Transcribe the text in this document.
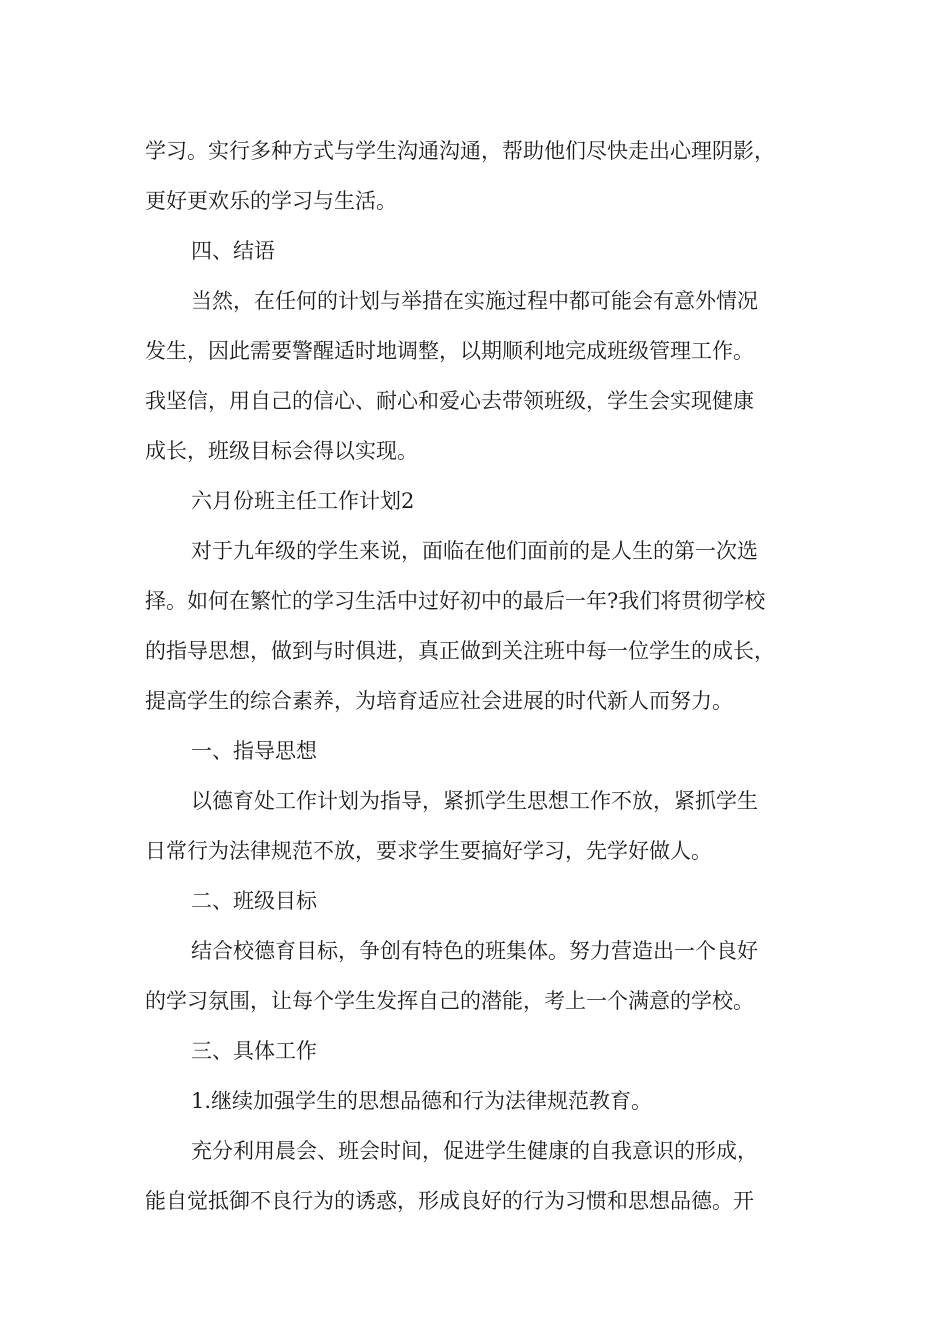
学习。实行多种方式与学生沟通沟通，帮助他们尽快走出心理阴影，
更好更欢乐的学习与生活。
四、结语
当然，在任何的计划与举措在实施过程中都可能会有意外情况
发生，因此需要警醒适时地调整，以期顺利地完成班级管理工作。
我坚信，用自己的信心、耐心和爱心去带领班级，学生会实现健康
成长，班级目标会得以实现。
六月份班主任工作计划2
对于九年级的学生来说，面临在他们面前的是人生的第一次选
择。如何在繁忙的学习生活中过好初中的最后一年?我们将贯彻学校
的指导思想，做到与时俱进，真正做到关注班中每一位学生的成长，
提高学生的综合素养，为培育适应社会进展的时代新人而努力。
一、指导思想
以德育处工作计划为指导，紧抓学生思想工作不放，紧抓学生
日常行为法律规范不放，要求学生要搞好学习，先学好做人。
二、班级目标
结合校德育目标，争创有特色的班集体。努力营造出一个良好
的学习氛围，让每个学生发挥自己的潜能，考上一个满意的学校。
三、具体工作
1.继续加强学生的思想品德和行为法律规范教育。
充分利用晨会、班会时间，促进学生健康的自我意识的形成，
能自觉抵御不良行为的诱惑，形成良好的行为习惯和思想品德。开
